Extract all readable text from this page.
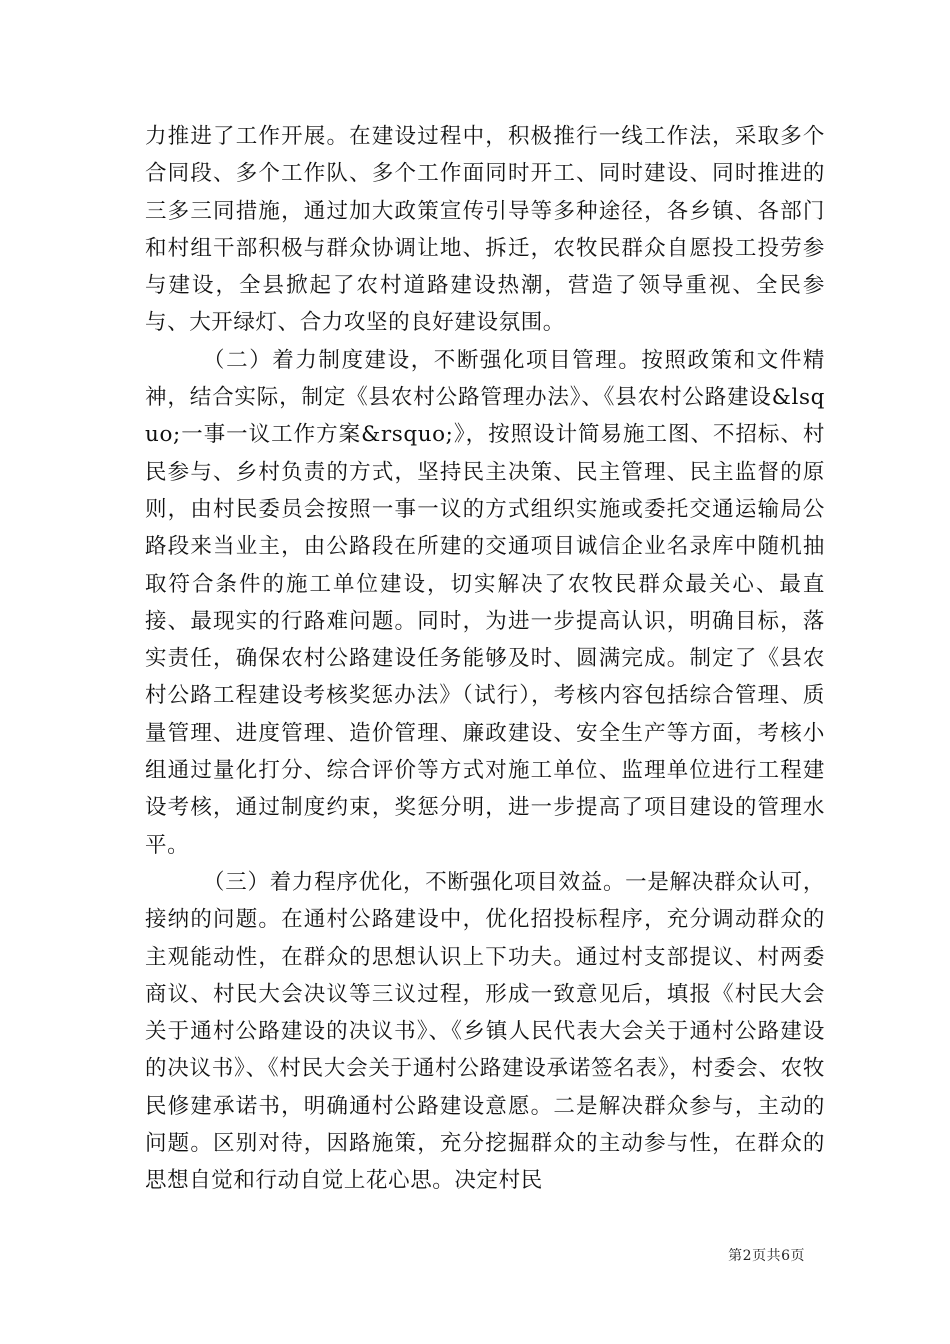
力推进了工作开展。在建设过程中，积极推行一线工作法，采取多个合同段、多个工作队、多个工作面同时开工、同时建设、同时推进的三多三同措施，通过加大政策宣传引导等多种途径，各乡镇、各部门和村组干部积极与群众协调让地、拆迁，农牧民群众自愿投工投劳参与建设，全县掀起了农村道路建设热潮，营造了领导重视、全民参与、大开绿灯、合力攻坚的良好建设氛围。

（二）着力制度建设，不断强化项目管理。按照政策和文件精神，结合实际，制定《县农村公路管理办法》、《县农村公路建设&lsquo;一事一议工作方案&rsquo;》，按照设计简易施工图、不招标、村民参与、乡村负责的方式，坚持民主决策、民主管理、民主监督的原则，由村民委员会按照一事一议的方式组织实施或委托交通运输局公路段来当业主，由公路段在所建的交通项目诚信企业名录库中随机抽取符合条件的施工单位建设，切实解决了农牧民群众最关心、最直接、最现实的行路难问题。同时，为进一步提高认识，明确目标，落实责任，确保农村公路建设任务能够及时、圆满完成。制定了《县农村公路工程建设考核奖惩办法》（试行），考核内容包括综合管理、质量管理、进度管理、造价管理、廉政建设、安全生产等方面，考核小组通过量化打分、综合评价等方式对施工单位、监理单位进行工程建设考核，通过制度约束，奖惩分明，进一步提高了项目建设的管理水平。

（三）着力程序优化，不断强化项目效益。一是解决群众认可，接纳的问题。在通村公路建设中，优化招投标程序，充分调动群众的主观能动性，在群众的思想认识上下功夫。通过村支部提议、村两委商议、村民大会决议等三议过程，形成一致意见后，填报《村民大会关于通村公路建设的决议书》、《乡镇人民代表大会关于通村公路建设的决议书》、《村民大会关于通村公路建设承诺签名表》，村委会、农牧民修建承诺书，明确通村公路建设意愿。二是解决群众参与，主动的问题。区别对待，因路施策，充分挖掘群众的主动参与性，在群众的思想自觉和行动自觉上花心思。决定村民

第2页共6页
